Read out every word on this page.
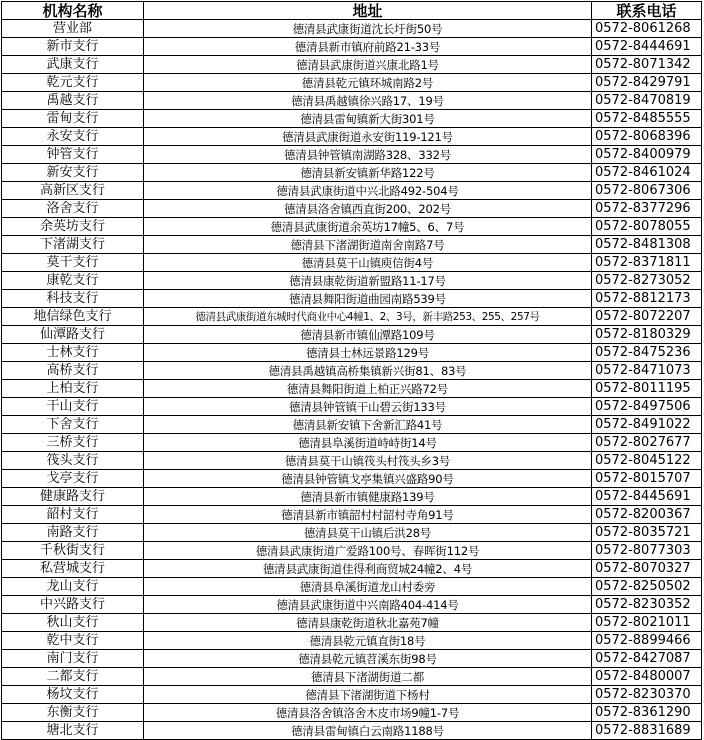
机构名称	地址	联系电话
营业部	德清县武康街道沈长圩街50号	0572-8061268
新市支行	德清县新市镇府前路21-33号	0572-8444691
武康支行	德清县武康街道兴康北路1号	0572-8071342
乾元支行	德清县乾元镇环城南路2号	0572-8429791
禹越支行	德清县禹越镇徐兴路17、19号	0572-8470819
雷甸支行	德清县雷甸镇新大街301号	0572-8485555
永安支行	德清县武康街道永安街119-121号	0572-8068396
钟管支行	德清县钟管镇南湖路328、332号	0572-8400979
新安支行	德清县新安镇新华路122号	0572-8461024
高新区支行	德清县武康街道中兴北路492-504号	0572-8067306
洛舍支行	德清县洛舍镇西直街200、202号	0572-8377296
余英坊支行	德清县武康街道余英坊17幢5、6、7号	0572-8078055
下渚湖支行	德清县下渚湖街道南舍南路7号	0572-8481308
莫干支行	德清县莫干山镇庾信街4号	0572-8371811
康乾支行	德清县康乾街道新盟路11-17号	0572-8273052
科技支行	德清县舞阳街道曲园南路539号	0572-8812173
地信绿色支行	德清县武康街道东城时代商业中心4幢1、2、3号，新丰路253、255、257号	0572-8072207
仙潭路支行	德清县新市镇仙潭路109号	0572-8180329
士林支行	德清县士林远景路129号	0572-8475236
高桥支行	德清县禹越镇高桥集镇新兴街81、83号	0572-8471073
上柏支行	德清县舞阳街道上柏正兴路72号	0572-8011195
干山支行	德清县钟管镇干山碧云街133号	0572-8497506
下舍支行	德清县新安镇下舍新汇路41号	0572-8491022
三桥支行	德清县阜溪街道峙峙街14号	0572-8027677
筏头支行	德清县莫干山镇筏头村筏头乡3号	0572-8045122
戈亭支行	德清县钟管镇戈亭集镇兴盛路90号	0572-8015707
健康路支行	德清县新市镇健康路139号	0572-8445691
韶村支行	德清县新市镇韶村村韶村寺角91号	0572-8200367
南路支行	德清县莫干山镇后洪28号	0572-8035721
千秋街支行	德清县武康街道广爱路100号、春晖街112号	0572-8077303
私营城支行	德清县武康街道佳得利商贸城24幢2、4号	0572-8070327
龙山支行	德清县阜溪街道龙山村委旁	0572-8250502
中兴路支行	德清县武康街道中兴南路404-414号	0572-8230352
秋山支行	德清县康乾街道秋北嘉苑7幢	0572-8021011
乾中支行	德清县乾元镇直街18号	0572-8899466
南门支行	德清县乾元镇苕溪东街98号	0572-8427087
二都支行	德清县下渚湖街道二都	0572-8480007
杨坟支行	德清县下渚湖街道下杨村	0572-8230370
东衡支行	德清县洛舍镇洛舍木皮市场9幢1-7号	0572-8361290
塘北支行	德清县雷甸镇白云南路1188号	0572-8831689
